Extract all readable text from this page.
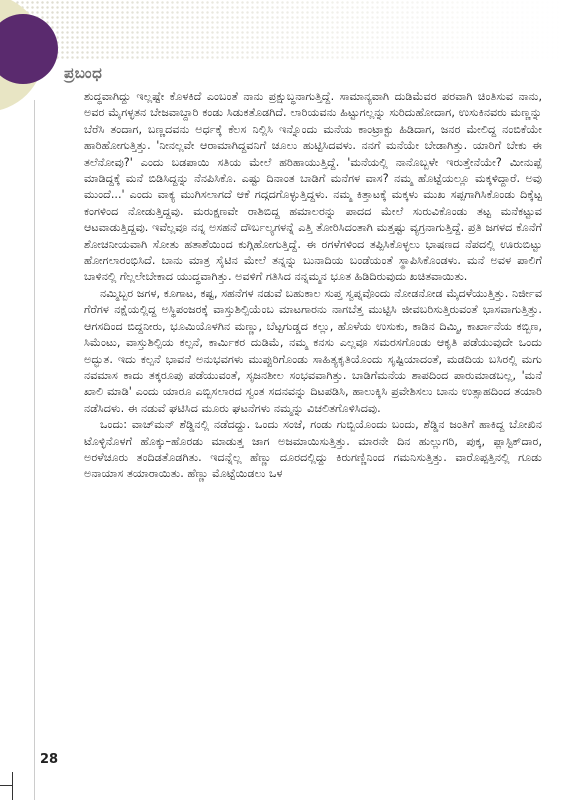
ಪ್ರಬಂಧ

ಶುದ್ಧವಾಗಿದ್ದು ಇಲ್ಲಷ್ಟೇ ಕೊಳಕಿದೆ ಎಂಬಂತೆ ನಾನು ಪ್ರಕ್ಷುಬ್ಧನಾಗುತ್ತಿದ್ದೆ. ಸಾಮಾನ್ಯವಾಗಿ ದುಡಿಮೆವರ ಪರವಾಗಿ ಚಿಂತಿಸುವ ನಾನು, ಅವರ ಮೈಗಳ್ಳತನ ಬೇಜವಾಬ್ದಾರಿ ಕಂಡು ಸಿಡುಕತೊಡಗಿದೆ. ಲಾರಿಯವನು ಹಿಟ್ಟುಗಲ್ಲನ್ನು ಸುರಿದುಹೋದಾಗ, ಉಸುಕಿನವರು ಮಣ್ಣನ್ನು ಬೆರೆಸಿ ತಂದಾಗ, ಬಣ್ಣದವನು ಅರ್ಧಕ್ಕೆ ಕೆಲಸ ನಿಲ್ಲಿಸಿ ಇನ್ನೊಂದು ಮನೆಯ ಕಾಂಟ್ರಾಕ್ಟು ಹಿಡಿದಾಗ, ಜನರ ಮೇಲಿದ್ದ ನಂಬಿಕೆಯೇ ಹಾರಿಹೋಗುತ್ತಿತ್ತು. 'ನೀನಲ್ಲವೇ ಆರಾಮಾಗಿದ್ದವನಿಗೆ ಚೂಲು ಹುಟ್ಟಿಸಿದವಳು. ನನಗೆ ಮನೆಯೇ ಬೇಡಾಗಿತ್ತು. ಯಾರಿಗೆ ಬೇಕು ಈ ತಲೆನೋವು?' ಎಂದು ಬಡಪಾಯಿ ಸತಿಯ ಮೇಲೆ ಹರಿಹಾಯುತ್ತಿದ್ದೆ. 'ಮನೆಯಲ್ಲಿ ನಾನೊಬ್ಬಳೇ ಇರುತ್ತೇನೆಯೇ? ಮೀನುಪ್ಪೆ ಮಾಡಿದ್ದಕ್ಕೆ ಮನೆ ಬಿಡಿಸಿದ್ದನ್ನು ನೆನಪಿಸಿಕೊ. ಎಷ್ಟು ದಿನಾಂತ ಬಾಡಿಗೆ ಮನೆಗಳ ವಾಸ? ನಮ್ಮ ಹೊಟ್ಟೆಯಲ್ಲೂ ಮಕ್ಕಳಿದ್ದಾರೆ. ಅವು ಮುಂದೆ...' ಎಂದು ವಾಕ್ಯ ಮುಗಿಸಲಾಗದೆ ಆಕೆ ಗದ್ಗದಗೊಳ್ಳುತ್ತಿದ್ದಳು. ನಮ್ಮ ಕಿತ್ತಾಟಕ್ಕೆ ಮಕ್ಕಳು ಮುಖ ಸಪ್ಪಗಾಗಿಸಿಕೊಂಡು ದಿಕ್ಕೆಟ್ಟ ಕಂಗಳಿಂದ ನೋಡುತ್ತಿದ್ದವು. ಮರುಕ್ಷಣವೇ ರಾಶಿಬಿದ್ದ ಹಮಾಲರನ್ನು ಪಾದದ ಮೇಲೆ ಸುರುವಿಕೊಂಡು ತಟ್ಟ ಮನೆಕಟ್ಟುವ ಆಟವಾಡುತ್ತಿದ್ದವು. ಇವೆಲ್ಲವೂ ನನ್ನ ಅಸಹನೆ ದೌರ್ಬಲ್ಯಗಳನ್ನೆ ಎತ್ತಿ ತೋರಿಸಿದಂತಾಗಿ ಮತ್ತಷ್ಟು ವ್ಯಗ್ರನಾಗುತ್ತಿದ್ದೆ. ಪ್ರತಿ ಜಗಳದ ಕೊನೆಗೆ ಶೋಚನೀಯವಾಗಿ ಸೋತು ಹತಾಶೆಯಿಂದ ಕುಗ್ಗಿಹೋಗುತ್ತಿದ್ದೆ. ಈ ರಗಳೆಗಳಿಂದ ತಪ್ಪಿಸಿಕೊಳ್ಳಲು ಭಾಷಣದ ನೆಪದಲ್ಲಿ ಊರುಬಿಟ್ಟು ಹೋಗಲಾರಂಭಿಸಿದೆ. ಬಾನು ಮಾತ್ರ ಸೈಟಿನ ಮೇಲೆ ತನ್ನನ್ನು ಬುನಾದಿಯ ಬಂಡೆಯಂತೆ ಸ್ಥಾಪಿಸಿಕೊಂಡಳು. ಮನೆ ಅವಳ ಪಾಲಿಗೆ ಬಾಳಿನಲ್ಲಿ ಗೆಲ್ಲಲೇಬೇಕಾದ ಯುದ್ಧವಾಗಿತ್ತು. ಅವಳಿಗೆ ಗತಿಸಿದ ನನ್ನಮ್ಮನ ಭೂತ ಹಿಡಿದಿರುವುದು ಖಚಿತವಾಯಿತು.

ನಮ್ಮಿಬ್ಬರ ಜಗಳ, ಕೂಗಾಟ, ಕಷ್ಟ, ಸಹನೆಗಳ ನಡುವೆ ಬಹುಕಾಲ ಸುಪ್ತ ಸ್ವಪ್ನವೊಂದು ನೋಡನೋಡ ಮೈದಳೆಯುತ್ತಿತ್ತು. ನಿರ್ಜೀವ ಗೆರೆಗಳ ನಕ್ಷೆಯಲ್ಲಿದ್ದ ಅಸ್ಥಿಪಂಜರಕ್ಕೆ ವಾಸ್ತುಶಿಲ್ಪಿಯೆಂಬ ಮಾಟಗಾರನು ನಾಗಬೆತ್ತ ಮುಟ್ಟಿಸಿ ಜೀವಬರಿಸುತ್ತಿರುವಂತೆ ಭಾಸವಾಗುತ್ತಿತ್ತು. ಆಗಸದಿಂದ ಬಿದ್ದನೀರು, ಭೂಮಿಯೊಳಗಿನ ಮಣ್ಣು, ಬೆಟ್ಟಗುಡ್ಡದ ಕಲ್ಲು, ಹೊಳೆಯ ಉಸುಕು, ಕಾಡಿನ ದಿಮ್ಮಿ, ಕಾರ್ಖಾನೆಯ ಕಬ್ಬಿಣ, ಸಿಮೆಂಟು, ವಾಸ್ತುಶಿಲ್ಪಿಯ ಕಲ್ಪನೆ, ಕಾರ್ಮಿಕರ ದುಡಿಮೆ, ನಮ್ಮ ಕನಸು ಎಲ್ಲವೂ ಸಮರಸಗೊಂಡು ಆಕೃತಿ ಪಡೆಯುವುದೇ ಒಂದು ಅದ್ಭುತ. ಇದು ಕಲ್ಪನೆ ಭಾವನೆ ಅನುಭವಗಳು ಮುಪ್ಪುರಿಗೊಂಡು ಸಾಹಿತ್ಯಕೃತಿಯೊಂದು ಸೃಷ್ಟಿಯಾದಂತೆ, ಮಡದಿಯ ಬಸಿರಲ್ಲಿ ಮಗು ನವಮಾಸ ಕಾದು ತಕ್ಕರೂಪು ಪಡೆಯುವಂತೆ, ಸೃಜನಶೀಲ ಸಂಭವವಾಗಿತ್ತು. ಬಾಡಿಗೆಮನೆಯ ಶಾಪದಿಂದ ಪಾರುಮಾಡಬಲ್ಲ, 'ಮನೆ ಖಾಲಿ ಮಾಡಿ' ಎಂದು ಯಾರೂ ಎಬ್ಬಿಸಲಾರದ ಸ್ವಂತ ಸದನವನ್ನು ದಿಟಪಡಿಸಿ, ಹಾಲುಕ್ಕಿಸಿ ಪ್ರವೇಶಿಸಲು ಬಾನು ಉತ್ಸಾಹದಿಂದ ತಯಾರಿ ನಡೆಸಿದಳು. ಈ ನಡುವೆ ಘಟಿಸಿದ ಮೂರು ಘಟನೆಗಳು ನಮ್ಮನ್ನು ವಿಚಲಿತಗೊಳಿಸಿದವು.

ಒಂದು: ವಾಚ್‌ಮನ್ ಶೆಡ್ಡಿನಲ್ಲಿ ನಡೆದದ್ದು. ಒಂದು ಸಂಜೆ, ಗಂಡು ಗುಬ್ಬಿಯೊಂದು ಬಂದು, ಶೆಡ್ಡಿನ ಜಂತಿಗೆ ಹಾಕಿದ್ದ ಬೋಖಿನ ಟೊಳ್ಳಿನೊಳಗೆ ಹೊಕ್ಕು–ಹೊರಡು ಮಾಡುತ್ತ ಜಾಗ ಅಜಮಾಯಿಸುತ್ತಿತ್ತು. ಮಾರನೇ ದಿನ ಹುಲ್ಲುಗರಿ, ಪುಕ್ಕ, ಪ್ಲಾಸ್ಟಿಕ್‌ದಾರ, ಅರಳೆಚೂರು ತಂದಿಡತೊಡಗಿತು. ಇದನ್ನೆಲ್ಲ ಹೆಣ್ಣು ದೂರದಲ್ಲಿದ್ದು ಕಿರುಗಣ್ಣಿನಿಂದ ಗಮನಿಸುತ್ತಿತ್ತು. ವಾರೊಪ್ಪತ್ತಿನಲ್ಲಿ ಗೂಡು ಅನಾಯಾಸ ತಯಾರಾಯಿತು. ಹೆಣ್ಣು ಮೊಟ್ಟೆಯಿಡಲು ಒಳ

28
